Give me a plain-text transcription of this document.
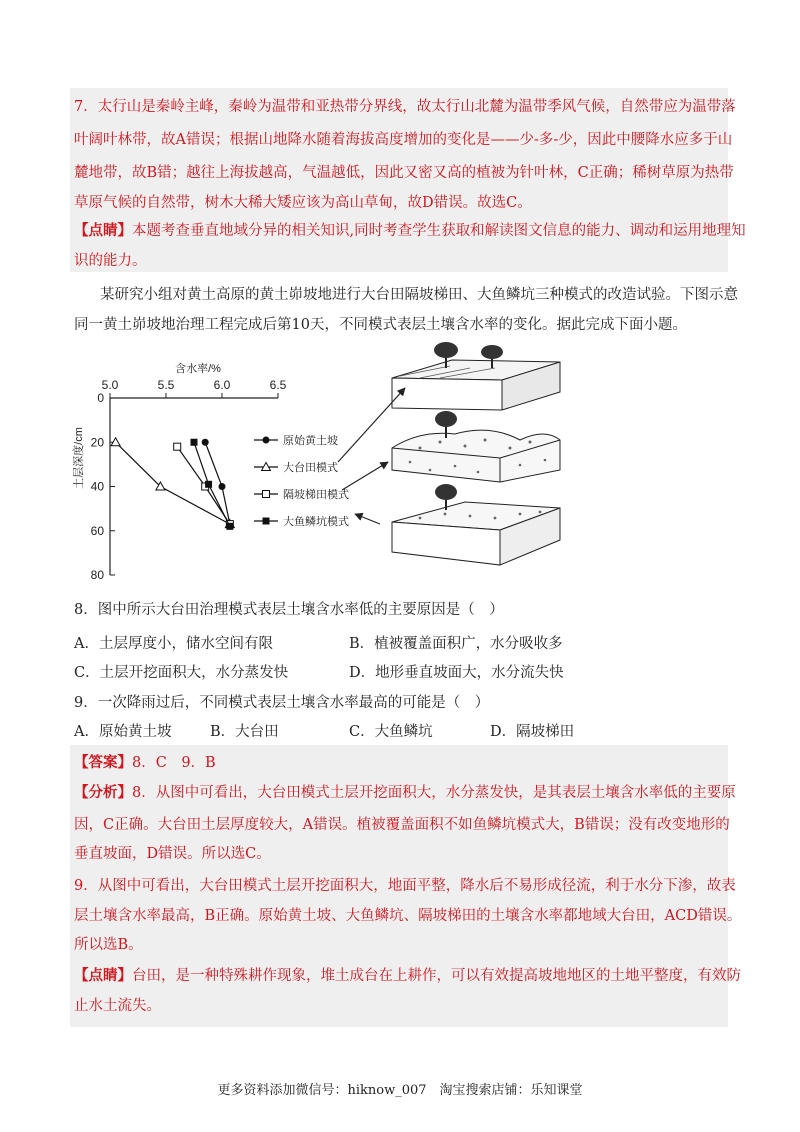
7．太行山是秦岭主峰，秦岭为温带和亚热带分界线，故太行山北麓为温带季风气候，自然带应为温带落
叶阔叶林带，故A错误；根据山地降水随着海拔高度增加的变化是——少-多-少，因此中腰降水应多于山
麓地带，故B错；越往上海拔越高，气温越低，因此又密又高的植被为针叶林，C正确；稀树草原为热带
草原气候的自然带，树木大稀大矮应该为高山草甸，故D错误。故选C。
【点睛】本题考查垂直地域分异的相关知识,同时考查学生获取和解读图文信息的能力、调动和运用地理知
识的能力。
某研究小组对黄土高原的黄土峁坡地进行大台田隔坡梯田、大鱼鳞坑三种模式的改造试验。下图示意
同一黄土峁坡地治理工程完成后第10天，不同模式表层土壤含水率的变化。据此完成下面小题。
含水率/%
土层深度/cm
5.0	5.5	6.0	6.5
0
20
40
60
80
原始黄土坡
大台田模式
隔坡梯田模式
大鱼鳞坑模式
8．图中所示大台田治理模式表层土壤含水率低的主要原因是（　）
A．土层厚度小，储水空间有限	B．植被覆盖面积广，水分吸收多
C．土层开挖面积大，水分蒸发快	D．地形垂直坡面大，水分流失快
9．一次降雨过后，不同模式表层土壤含水率最高的可能是（　）
A．原始黄土坡	B．大台田	C．大鱼鳞坑	D．隔坡梯田
【答案】8．C　9．B
【分析】8．从图中可看出，大台田模式土层开挖面积大，水分蒸发快，是其表层土壤含水率低的主要原
因，C正确。大台田土层厚度较大，A错误。植被覆盖面积不如鱼鳞坑模式大，B错误；没有改变地形的
垂直坡面，D错误。所以选C。
9．从图中可看出，大台田模式土层开挖面积大，地面平整，降水后不易形成径流，利于水分下渗，故表
层土壤含水率最高，B正确。原始黄土坡、大鱼鳞坑、隔坡梯田的土壤含水率都地域大台田，ACD错误。
所以选B。
【点睛】台田，是一种特殊耕作现象，堆土成台在上耕作，可以有效提高坡地地区的土地平整度，有效防
止水土流失。
更多资料添加微信号：hiknow_007　淘宝搜索店铺：乐知课堂
